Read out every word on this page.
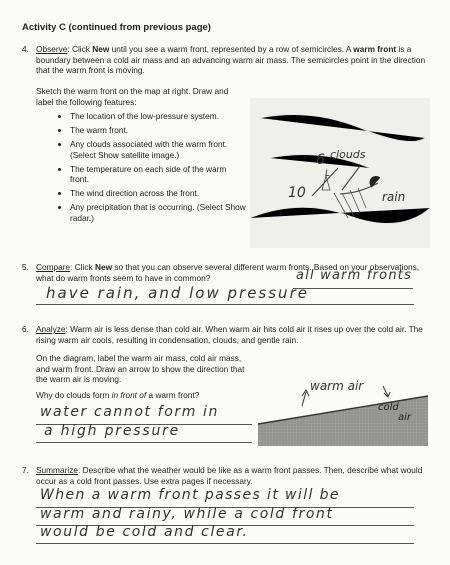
Activity C (continued from previous page)
4. Observe: Click New until you see a warm front, represented by a row of semicircles. A warm front is a boundary between a cold air mass and an advancing warm air mass. The semicircles point in the direction that the warm front is moving.
Sketch the warm front on the map at right. Draw and label the following features:
• The location of the low-pressure system.
• The warm front.
• Any clouds associated with the warm front. (Select Show satellite image.)
• The temperature on each side of the warm front.
• The wind direction across the front.
• Any precipitation that is occurring. (Select Show radar.)
clouds
6
L
10	rain
5. Compare: Click New so that you can observe several different warm fronts. Based on your observations, what do warm fronts seem to have in common?	all warm fronts
have rain, and low pressure
6. Analyze: Warm air is less dense than cold air. When warm air hits cold air it rises up over the cold air. The rising warm air cools, resulting in condensation, clouds, and gentle rain.
On the diagram, label the warm air mass, cold air mass, and warm front. Draw an arrow to show the direction that the warm air is moving.
Why do clouds form in front of a warm front?
water cannot form in
a high pressure
warm air
cold
air
7. Summarize: Describe what the weather would be like as a warm front passes. Then, describe what would occur as a cold front passes. Use extra pages if necessary.
When a warm front passes it will be
warm and rainy, while a cold front
would be cold and clear.
